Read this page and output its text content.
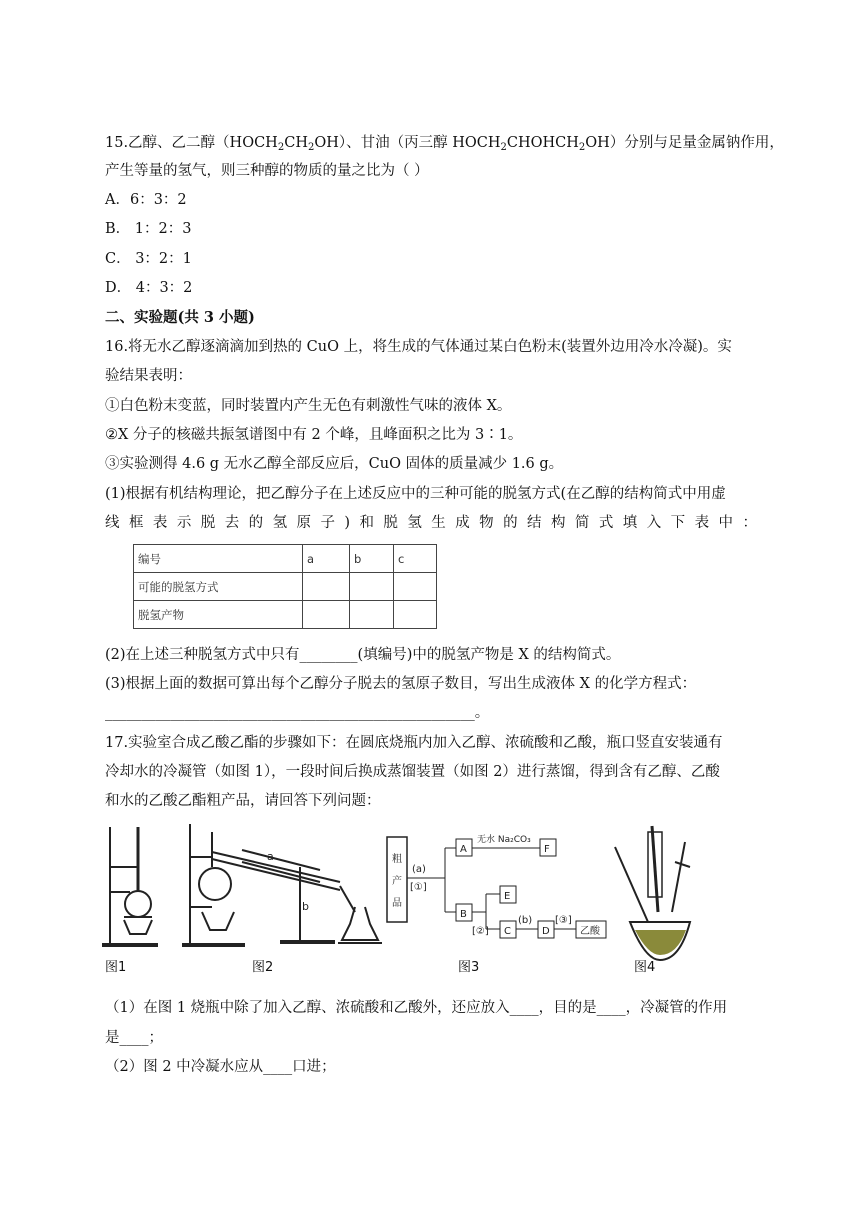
15.乙醇、乙二醇$(HOCH_2CH_2OH)$、甘油（丙三醇 $HOCH_2CHOHCH_2OH$）分别与足量金属钠作用，
产生等量的氢气，则三种醇的物质的量之比为（ ）
A．6：3：2
B． 1：2：3
C． 3：2：1
D． 4：3：2
二、实验题(共 3 小题)
16.将无水乙醇逐滴滴加到热的 CuO 上，将生成的气体通过某白色粉末(装置外边用冷水冷凝)。实
验结果表明：
①白色粉末变蓝，同时装置内产生无色有刺激性气味的液体 X。
②X 分子的核磁共振氢谱图中有 2 个峰，且峰面积之比为 3∶1。
③实验测得 4.6 g 无水乙醇全部反应后，CuO 固体的质量减少 1.6 g。
(1)根据有机结构理论，把乙醇分子在上述反应中的三种可能的脱氢方式(在乙醇的结构简式中用虚
线框表示脱去的氢原子)和脱氢生成物的结构简式填入下表中：
编号	a	b	c
可能的脱氢方式			
脱氢产物			
(2)在上述三种脱氢方式中只有________(填编号)中的脱氢产物是 X 的结构简式。
(3)根据上面的数据可算出每个乙醇分子脱去的氢原子数目，写出生成液体 X 的化学方程式：
___________________________________________________。
17.实验室合成乙酸乙酯的步骤如下：在圆底烧瓶内加入乙醇、浓硫酸和乙酸，瓶口竖直安装通有
冷却水的冷凝管（如图 1），一段时间后换成蒸馏装置（如图 2）进行蒸馏，得到含有乙醇、乙酸
和水的乙酸乙酯粗产品，请回答下列问题：
粗
产
品
(a)
[①]
A
无水 Na₂CO₃
F
B
[②]
E
C
(b)
D
[③]
乙酸
a
b
图1	图2	图3	图4
（1）在图 1 烧瓶中除了加入乙醇、浓硫酸和乙酸外，还应放入____，目的是____，冷凝管的作用
是____；
（2）图 2 中冷凝水应从____口进；
